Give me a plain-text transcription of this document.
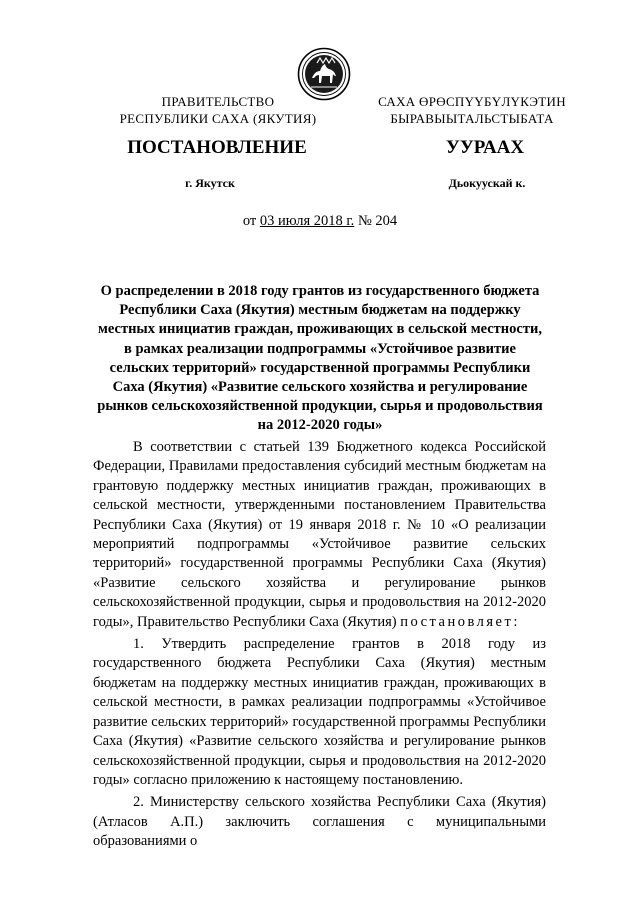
ПРАВИТЕЛЬСТВО
РЕСПУБЛИКИ САХА (ЯКУТИЯ)
САХА ӨРӨСПҮҮБҮЛҮКЭТИН
БЫРАВЫЫТАЛЬСТЫБАТА
ПОСТАНОВЛЕНИЕ	УУРААХ
г. Якутск	Дьокуускай к.
от 03 июля 2018 г. № 204
О распределении в 2018 году грантов из государственного бюджета Республики Саха (Якутия) местным бюджетам на поддержку местных инициатив граждан, проживающих в сельской местности, в рамках реализации подпрограммы «Устойчивое развитие сельских территорий» государственной программы Республики Саха (Якутия) «Развитие сельского хозяйства и регулирование рынков сельскохозяйственной продукции, сырья и продовольствия на 2012-2020 годы»

В соответствии с статьей 139 Бюджетного кодекса Российской Федерации, Правилами предоставления субсидий местным бюджетам на грантовую поддержку местных инициатив граждан, проживающих в сельской местности, утвержденными постановлением Правительства Республики Саха (Якутия) от 19 января 2018 г. № 10 «О реализации мероприятий подпрограммы «Устойчивое развитие сельских территорий» государственной программы Республики Саха (Якутия) «Развитие сельского хозяйства и регулирование рынков сельскохозяйственной продукции, сырья и продовольствия на 2012-2020 годы», Правительство Республики Саха (Якутия) постановляет:

1. Утвердить распределение грантов в 2018 году из государственного бюджета Республики Саха (Якутия) местным бюджетам на поддержку местных инициатив граждан, проживающих в сельской местности, в рамках реализации подпрограммы «Устойчивое развитие сельских территорий» государственной программы Республики Саха (Якутия) «Развитие сельского хозяйства и регулирование рынков сельскохозяйственной продукции, сырья и продовольствия на 2012-2020 годы» согласно приложению к настоящему постановлению.

2. Министерству сельского хозяйства Республики Саха (Якутия) (Атласов А.П.) заключить соглашения с муниципальными образованиями о
